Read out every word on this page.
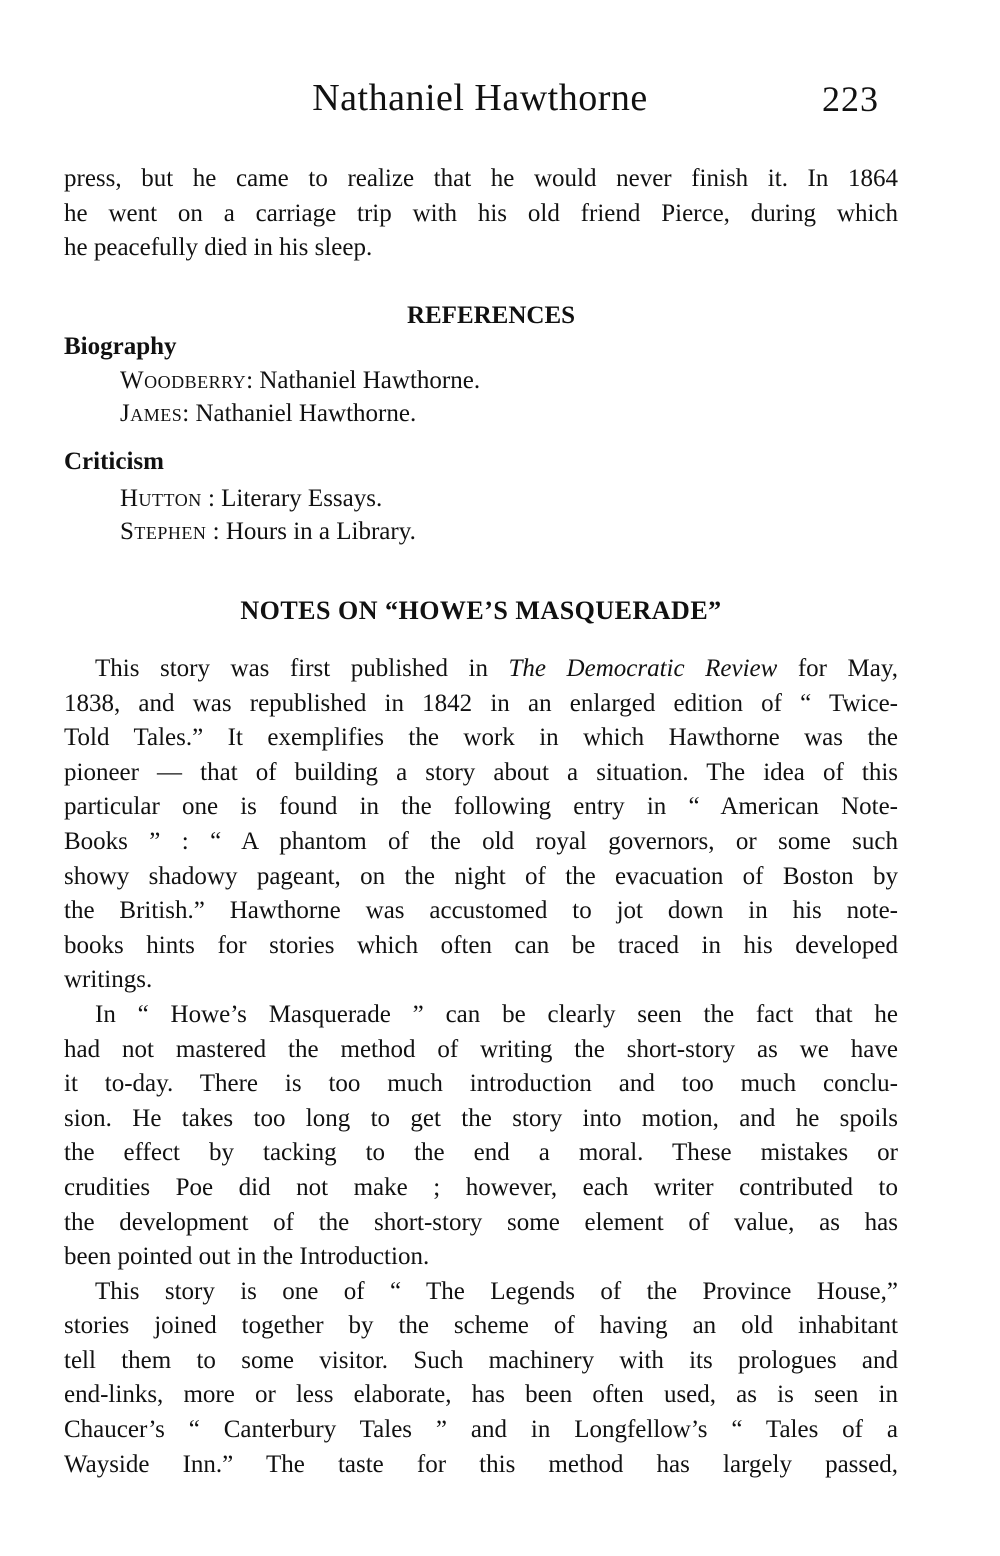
Nathaniel Hawthorne	223
press, but he came to realize that he would never finish it. In 1864
he went on a carriage trip with his old friend Pierce, during which
he peacefully died in his sleep.
REFERENCES
Biography
Woodberry: Nathaniel Hawthorne.
James: Nathaniel Hawthorne.
Criticism
Hutton : Literary Essays.
Stephen : Hours in a Library.
NOTES ON “HOWE’S MASQUERADE”
This story was first published in The Democratic Review for May,
1838, and was republished in 1842 in an enlarged edition of “ Twice-
Told Tales.” It exemplifies the work in which Hawthorne was the
pioneer — that of building a story about a situation. The idea of this
particular one is found in the following entry in “ American Note-
Books ” : “ A phantom of the old royal governors, or some such
showy shadowy pageant, on the night of the evacuation of Boston by
the British.” Hawthorne was accustomed to jot down in his note-
books hints for stories which often can be traced in his developed
writings.
In “ Howe’s Masquerade ” can be clearly seen the fact that he
had not mastered the method of writing the short-story as we have
it to-day. There is too much introduction and too much conclu-
sion. He takes too long to get the story into motion, and he spoils
the effect by tacking to the end a moral. These mistakes or
crudities Poe did not make ; however, each writer contributed to
the development of the short-story some element of value, as has
been pointed out in the Introduction.
This story is one of “ The Legends of the Province House,”
stories joined together by the scheme of having an old inhabitant
tell them to some visitor. Such machinery with its prologues and
end-links, more or less elaborate, has been often used, as is seen in
Chaucer’s “ Canterbury Tales ” and in Longfellow’s “ Tales of a
Wayside Inn.” The taste for this method has largely passed,
